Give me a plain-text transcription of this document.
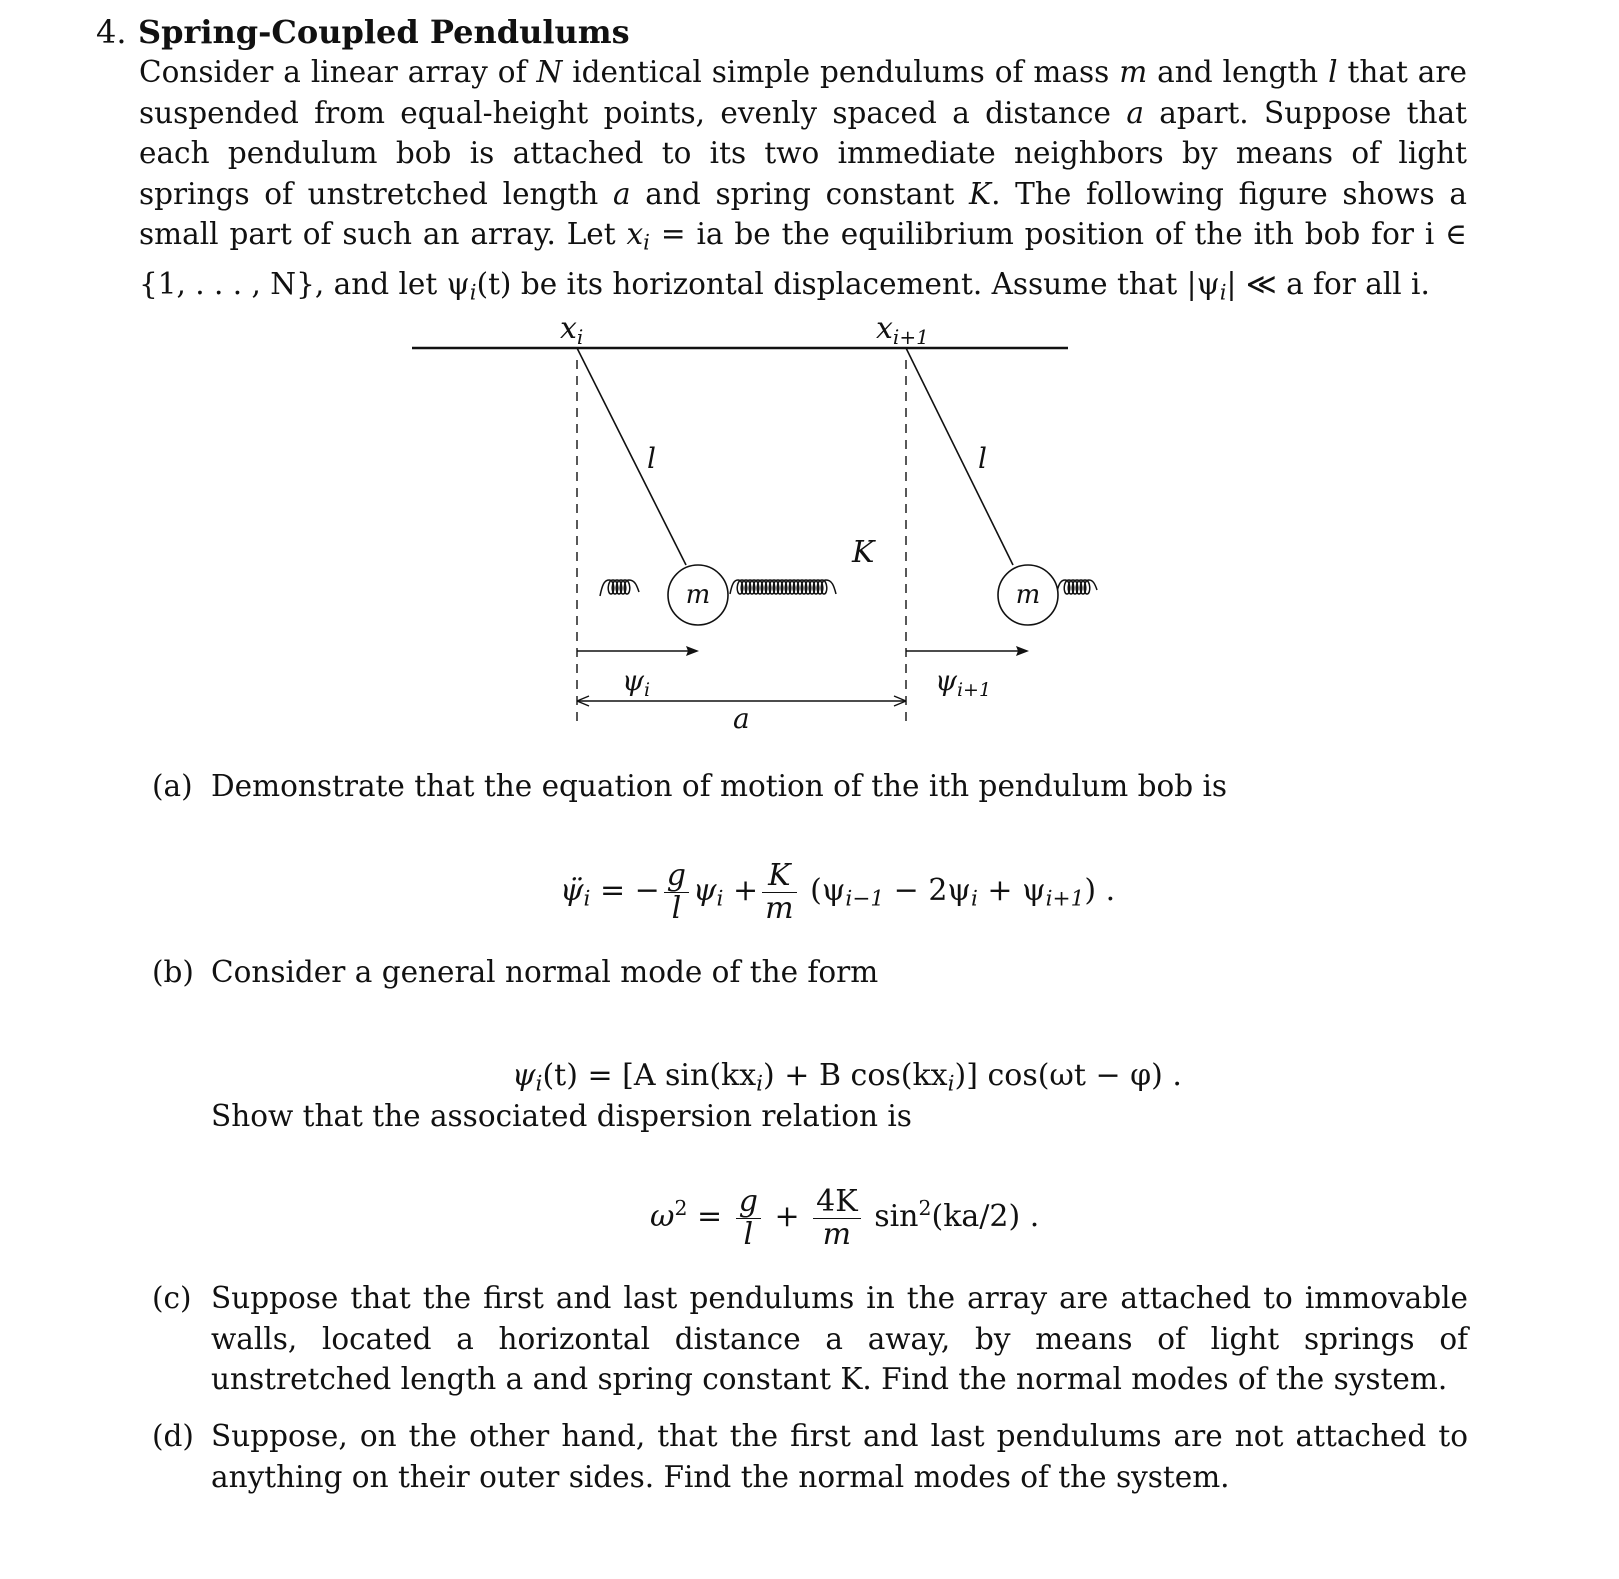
4. Spring-Coupled Pendulums

Consider a linear array of N identical simple pendulums of mass m and length l that are suspended from equal-height points, evenly spaced a distance a apart. Suppose that each pendulum bob is attached to its two immediate neighbors by means of light springs of unstretched length a and spring constant K. The following figure shows a small part of such an array. Let $x_i$ = ia be the equilibrium position of the ith bob for i ∈ {1, . . . , N}, and let $\psi_i(t)$ be its horizontal displacement. Assume that $|\psi_i|$ ≪ a for all i.

$x_i$	$x_{i+1}$
l	l
K
m	m
$\psi_i$	$\psi_{i+1}$
a
(a) Demonstrate that the equation of motion of the ith pendulum bob is
$\psï_i$ = − $\frac{g}{l} \psi_i + \frac{K}{m} (\psi_{i-1} - 2\psi_i + \psi_{i+1})$ .
(b) Consider a general normal mode of the form
$\psi_i(t) = [A$ $\sin(kx_i) + B$ $\cos(kx_i)$] cos(ωt − φ) .
Show that the associated dispersion relation is
$\omega^2 = \frac{g}{l} + \frac{4K}{m} \sin^2(ka/2)$ .
(c) Suppose that the first and last pendulums in the array are attached to immovable walls, located a horizontal distance a away, by means of light springs of unstretched length a and spring constant K. Find the normal modes of the system.
(d) Suppose, on the other hand, that the first and last pendulums are not attached to anything on their outer sides. Find the normal modes of the system.
